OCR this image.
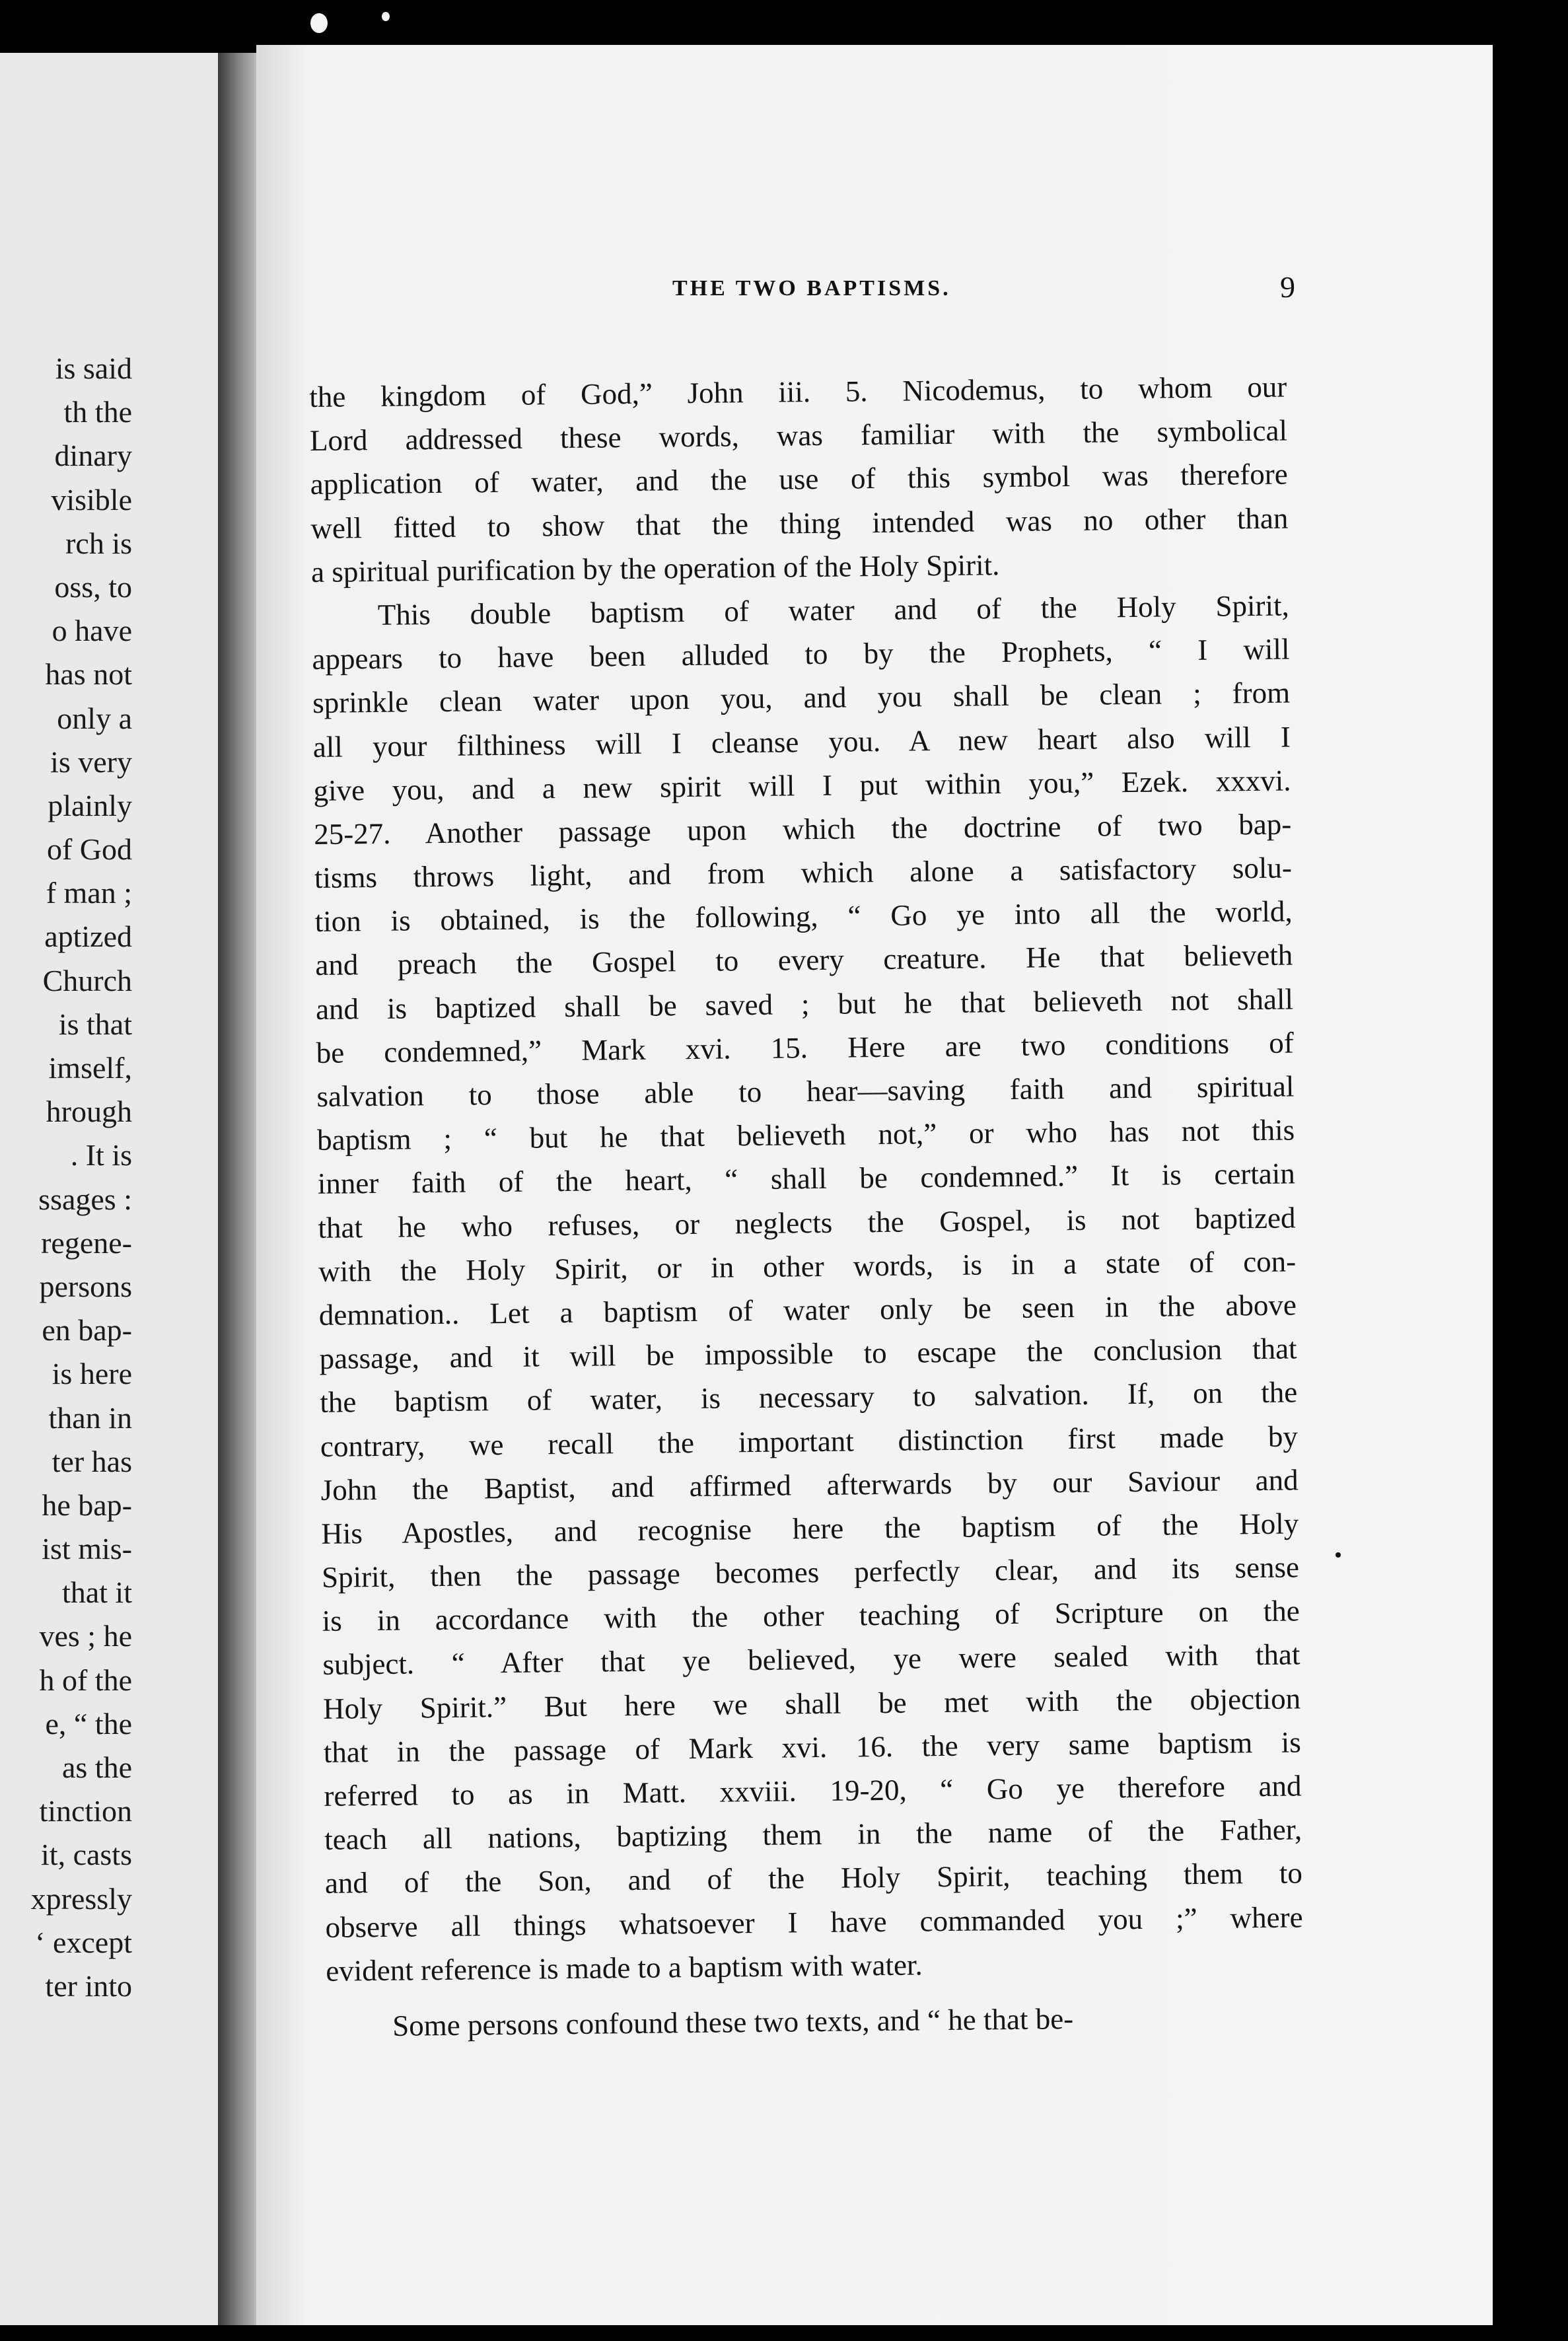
is said
th the
dinary
visible
rch is
oss, to
o have
has not
only a
is very
plainly
of God
f man ;
aptized
Church
is that
imself,
hrough
. It is
ssages :
regene-
persons
en bap-
is here
than in
ter has
he bap-
ist mis-
that it
ves ; he
h of the
e, “ the
as the
tinction
it, casts
xpressly
‘ except
ter into
THE TWO BAPTISMS.	9
the kingdom of God,” John iii. 5. Nicodemus, to whom our
Lord addressed these words, was familiar with the symbolical
application of water, and the use of this symbol was therefore
well fitted to show that the thing intended was no other than
a spiritual purification by the operation of the Holy Spirit.
This double baptism of water and of the Holy Spirit,
appears to have been alluded to by the Prophets, “ I will
sprinkle clean water upon you, and you shall be clean ; from
all your filthiness will I cleanse you. A new heart also will I
give you, and a new spirit will I put within you,” Ezek. xxxvi.
25-27. Another passage upon which the doctrine of two bap-
tisms throws light, and from which alone a satisfactory solu-
tion is obtained, is the following, “ Go ye into all the world,
and preach the Gospel to every creature. He that believeth
and is baptized shall be saved ; but he that believeth not shall
be condemned,” Mark xvi. 15. Here are two conditions of
salvation to those able to hear—saving faith and spiritual
baptism ; “ but he that believeth not,” or who has not this
inner faith of the heart, “ shall be condemned.” It is certain
that he who refuses, or neglects the Gospel, is not baptized
with the Holy Spirit, or in other words, is in a state of con-
demnation.. Let a baptism of water only be seen in the above
passage, and it will be impossible to escape the conclusion that
the baptism of water, is necessary to salvation. If, on the
contrary, we recall the important distinction first made by
John the Baptist, and affirmed afterwards by our Saviour and
His Apostles, and recognise here the baptism of the Holy
Spirit, then the passage becomes perfectly clear, and its sense
is in accordance with the other teaching of Scripture on the
subject. “ After that ye believed, ye were sealed with that
Holy Spirit.” But here we shall be met with the objection
that in the passage of Mark xvi. 16. the very same baptism is
referred to as in Matt. xxviii. 19-20, “ Go ye therefore and
teach all nations, baptizing them in the name of the Father,
and of the Son, and of the Holy Spirit, teaching them to
observe all things whatsoever I have commanded you ;” where
evident reference is made to a baptism with water.
Some persons confound these two texts, and “ he that be-
